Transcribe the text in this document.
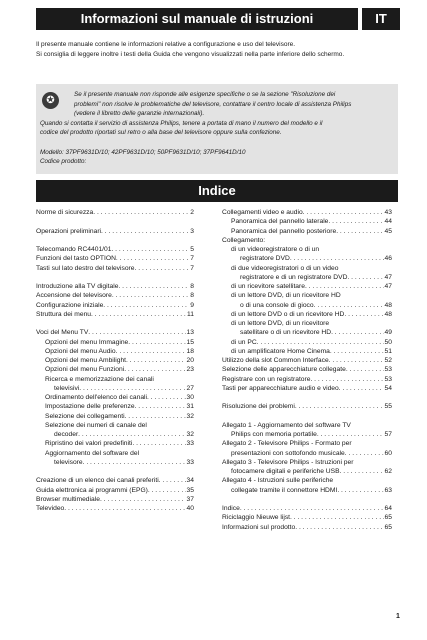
Informazioni sul manuale di istruzioni	IT

Il presente manuale contiene le informazioni relative a configurazione e uso del televisore.

Si consiglia di leggere inoltre i testi della Guida che vengono visualizzati nella parte inferiore dello schermo.

✪

Se il presente manuale non risponde alle esigenze specifiche o se la sezione "Risoluzione dei

problemi" non risolve le problematiche del televisore, contattare il centro locale di assistenza Philips

(vedere il libretto delle garanzie internazionali).

Quando si contatta il servizio di assistenza Philips, tenere a portata di mano il numero del modello e il

codice del prodotto riportati sul retro o alla base del televisore oppure sulla confezione.

Modello: 37PF9631D/10; 42PF9631D/10; 50PF9631D/10; 37PF9641D/10

Codice prodotto:

Indice
Norme di sicurezza . . .	2
Operazioni preliminari . . .	3
Telecomando RC4401/01 . . .	5
Funzioni del tasto OPTION . . .	7
Tasti sul lato destro del televisore . . .	7
Introduzione alla TV digitale . . .	8
Accensione del televisore . . .	8
Configurazione iniziale . . .	9
Struttura dei menu . . .	11
Voci del Menu TV . . .	13
Opzioni del menu Immagine . . .	15
Opzioni del menu Audio . . .	18
Opzioni del menu Ambilight . . .	20
Opzioni del menu Funzioni . . .	23
Ricerca e memorizzazione dei canali
televisivi . . .	27
Ordinamento dell'elenco dei canali . . .	30
Impostazione delle preferenze . . .	31
Selezione dei collegamenti . . .	32
Selezione dei numeri di canale del
decoder . . .	32
Ripristino dei valori predefiniti . . .	33
Aggiornamento del software del
televisore . . .	33
Creazione di un elenco dei canali preferiti . . .	34
Guida elettronica ai programmi (EPG) . . .	35
Browser multimediale . . .	37
Televideo . . .	40
Collegamenti video e audio . . .	43
Panoramica del pannello laterale . . .	44
Panoramica del pannello posteriore . . .	45
Collegamento:
di un videoregistratore o di un
registratore DVD . . .	46
di due videoregistratori o di un video
registratore e di un registratore DVD . . .	47
di un ricevitore satellitare . . .	47
di un lettore DVD, di un ricevitore HD
o di una console di gioco . . .	48
di un lettore DVD o di un ricevitore HD . . .	48
di un lettore DVD, di un ricevitore
satellitare o di un ricevitore HD . . .	49
di un PC . . .	50
di un amplificatore Home Cinema . . .	51
Utilizzo della slot Common Interface . . .	52
Selezione delle apparecchiature collegate . . .	53
Registrare con un registratore . . .	53
Tasti per apparecchiature audio e video . . .	54
Risoluzione dei problemi . . .	55
Allegato 1 - Aggiornamento del software TV
Philips con memoria portatile . . .	57
Allegato 2 - Televisore Philips - Formato per
presentazioni con sottofondo musicale . . .	60
Allegato 3 - Televisore Philips - Istruzioni per
fotocamere digitali e periferiche USB . . .	62
Allegato 4 - Istruzioni sulle periferiche
collegate tramite il connettore HDMI . . .	63
Indice . . .	64
Riciclaggio Nieuwe lijst . . .	65
Informazioni sul prodotto . . .	65
1
